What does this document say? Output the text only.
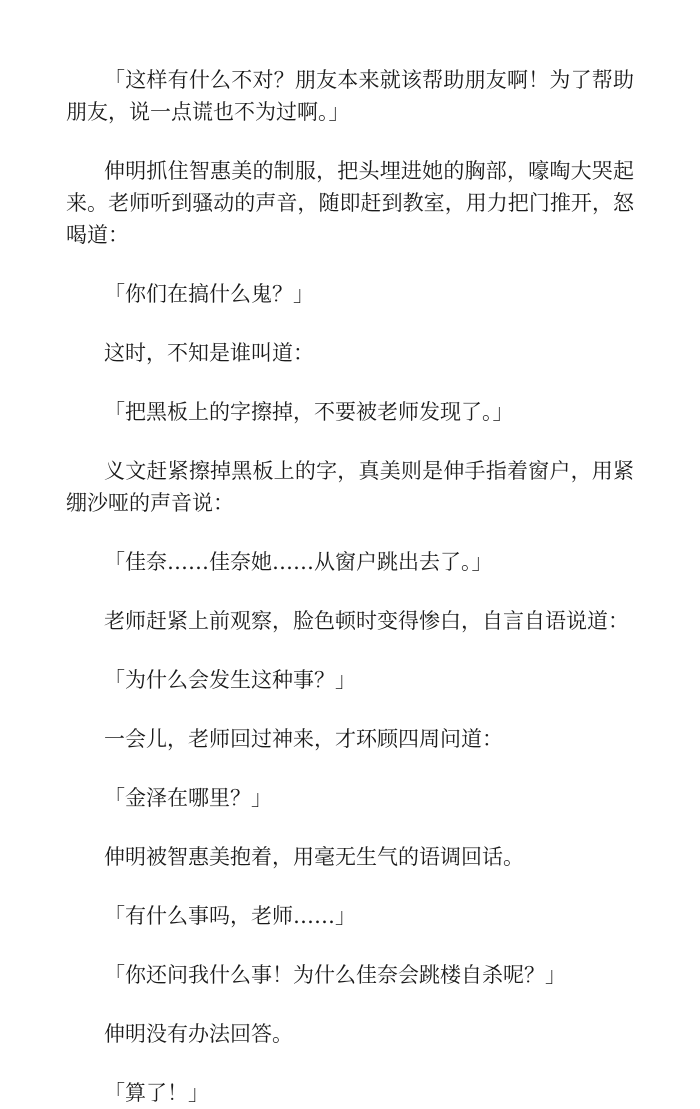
「这样有什么不对？朋友本来就该帮助朋友啊！为了帮助朋友，说一点谎也不为过啊。」

伸明抓住智惠美的制服，把头埋进她的胸部，嚎啕大哭起来。老师听到骚动的声音，随即赶到教室，用力把门推开，怒喝道：

「你们在搞什么鬼？」

这时，不知是谁叫道：

「把黑板上的字擦掉，不要被老师发现了。」

义文赶紧擦掉黑板上的字，真美则是伸手指着窗户，用紧绷沙哑的声音说：

「佳奈……佳奈她……从窗户跳出去了。」

老师赶紧上前观察，脸色顿时变得惨白，自言自语说道：

「为什么会发生这种事？」

一会儿，老师回过神来，才环顾四周问道：

「金泽在哪里？」

伸明被智惠美抱着，用毫无生气的语调回话。

「有什么事吗，老师……」

「你还问我什么事！为什么佳奈会跳楼自杀呢？」

伸明没有办法回答。

「算了！」
